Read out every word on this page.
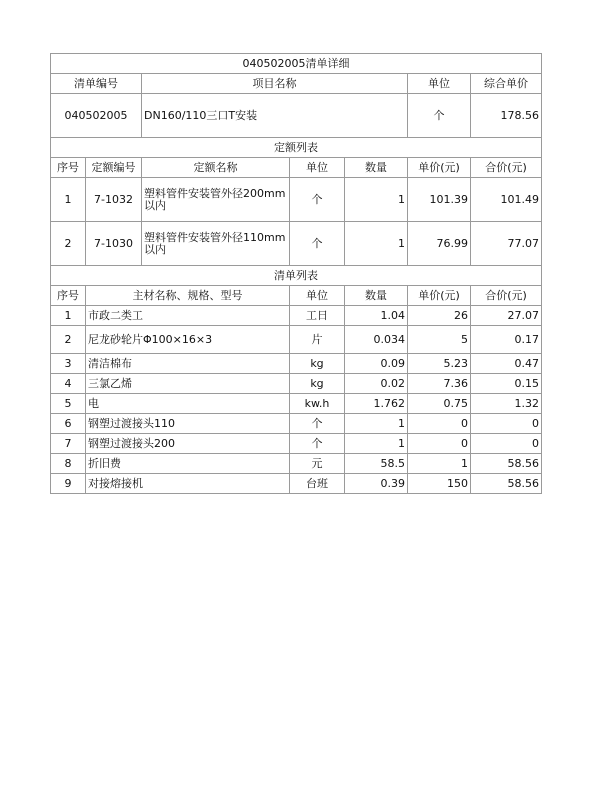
040502005清单详细						
清单编号		项目名称			单位	综合单价
040502005		DN160/110三口T安装			个	178.56
定额列表						
序号	定额编号	定额名称	单位	数量	单价(元)	合价(元)
1	7-1032	塑料管件安装管外径200mm以内	个	1	101.39	101.49
2	7-1030	塑料管件安装管外径110mm以内	个	1	76.99	77.07
清单列表						
序号	主材名称、规格、型号		单位	数量	单价(元)	合价(元)
1	市政二类工		工日	1.04	26	27.07
2	尼龙砂轮片Φ100×16×3		片	0.034	5	0.17
3	清洁棉布		kg	0.09	5.23	0.47
4	三氯乙烯		kg	0.02	7.36	0.15
5	电		kw.h	1.762	0.75	1.32
6	钢塑过渡接头110		个	1	0	0
7	钢塑过渡接头200		个	1	0	0
8	折旧费		元	58.5	1	58.56
9	对接熔接机		台班	0.39	150	58.56
